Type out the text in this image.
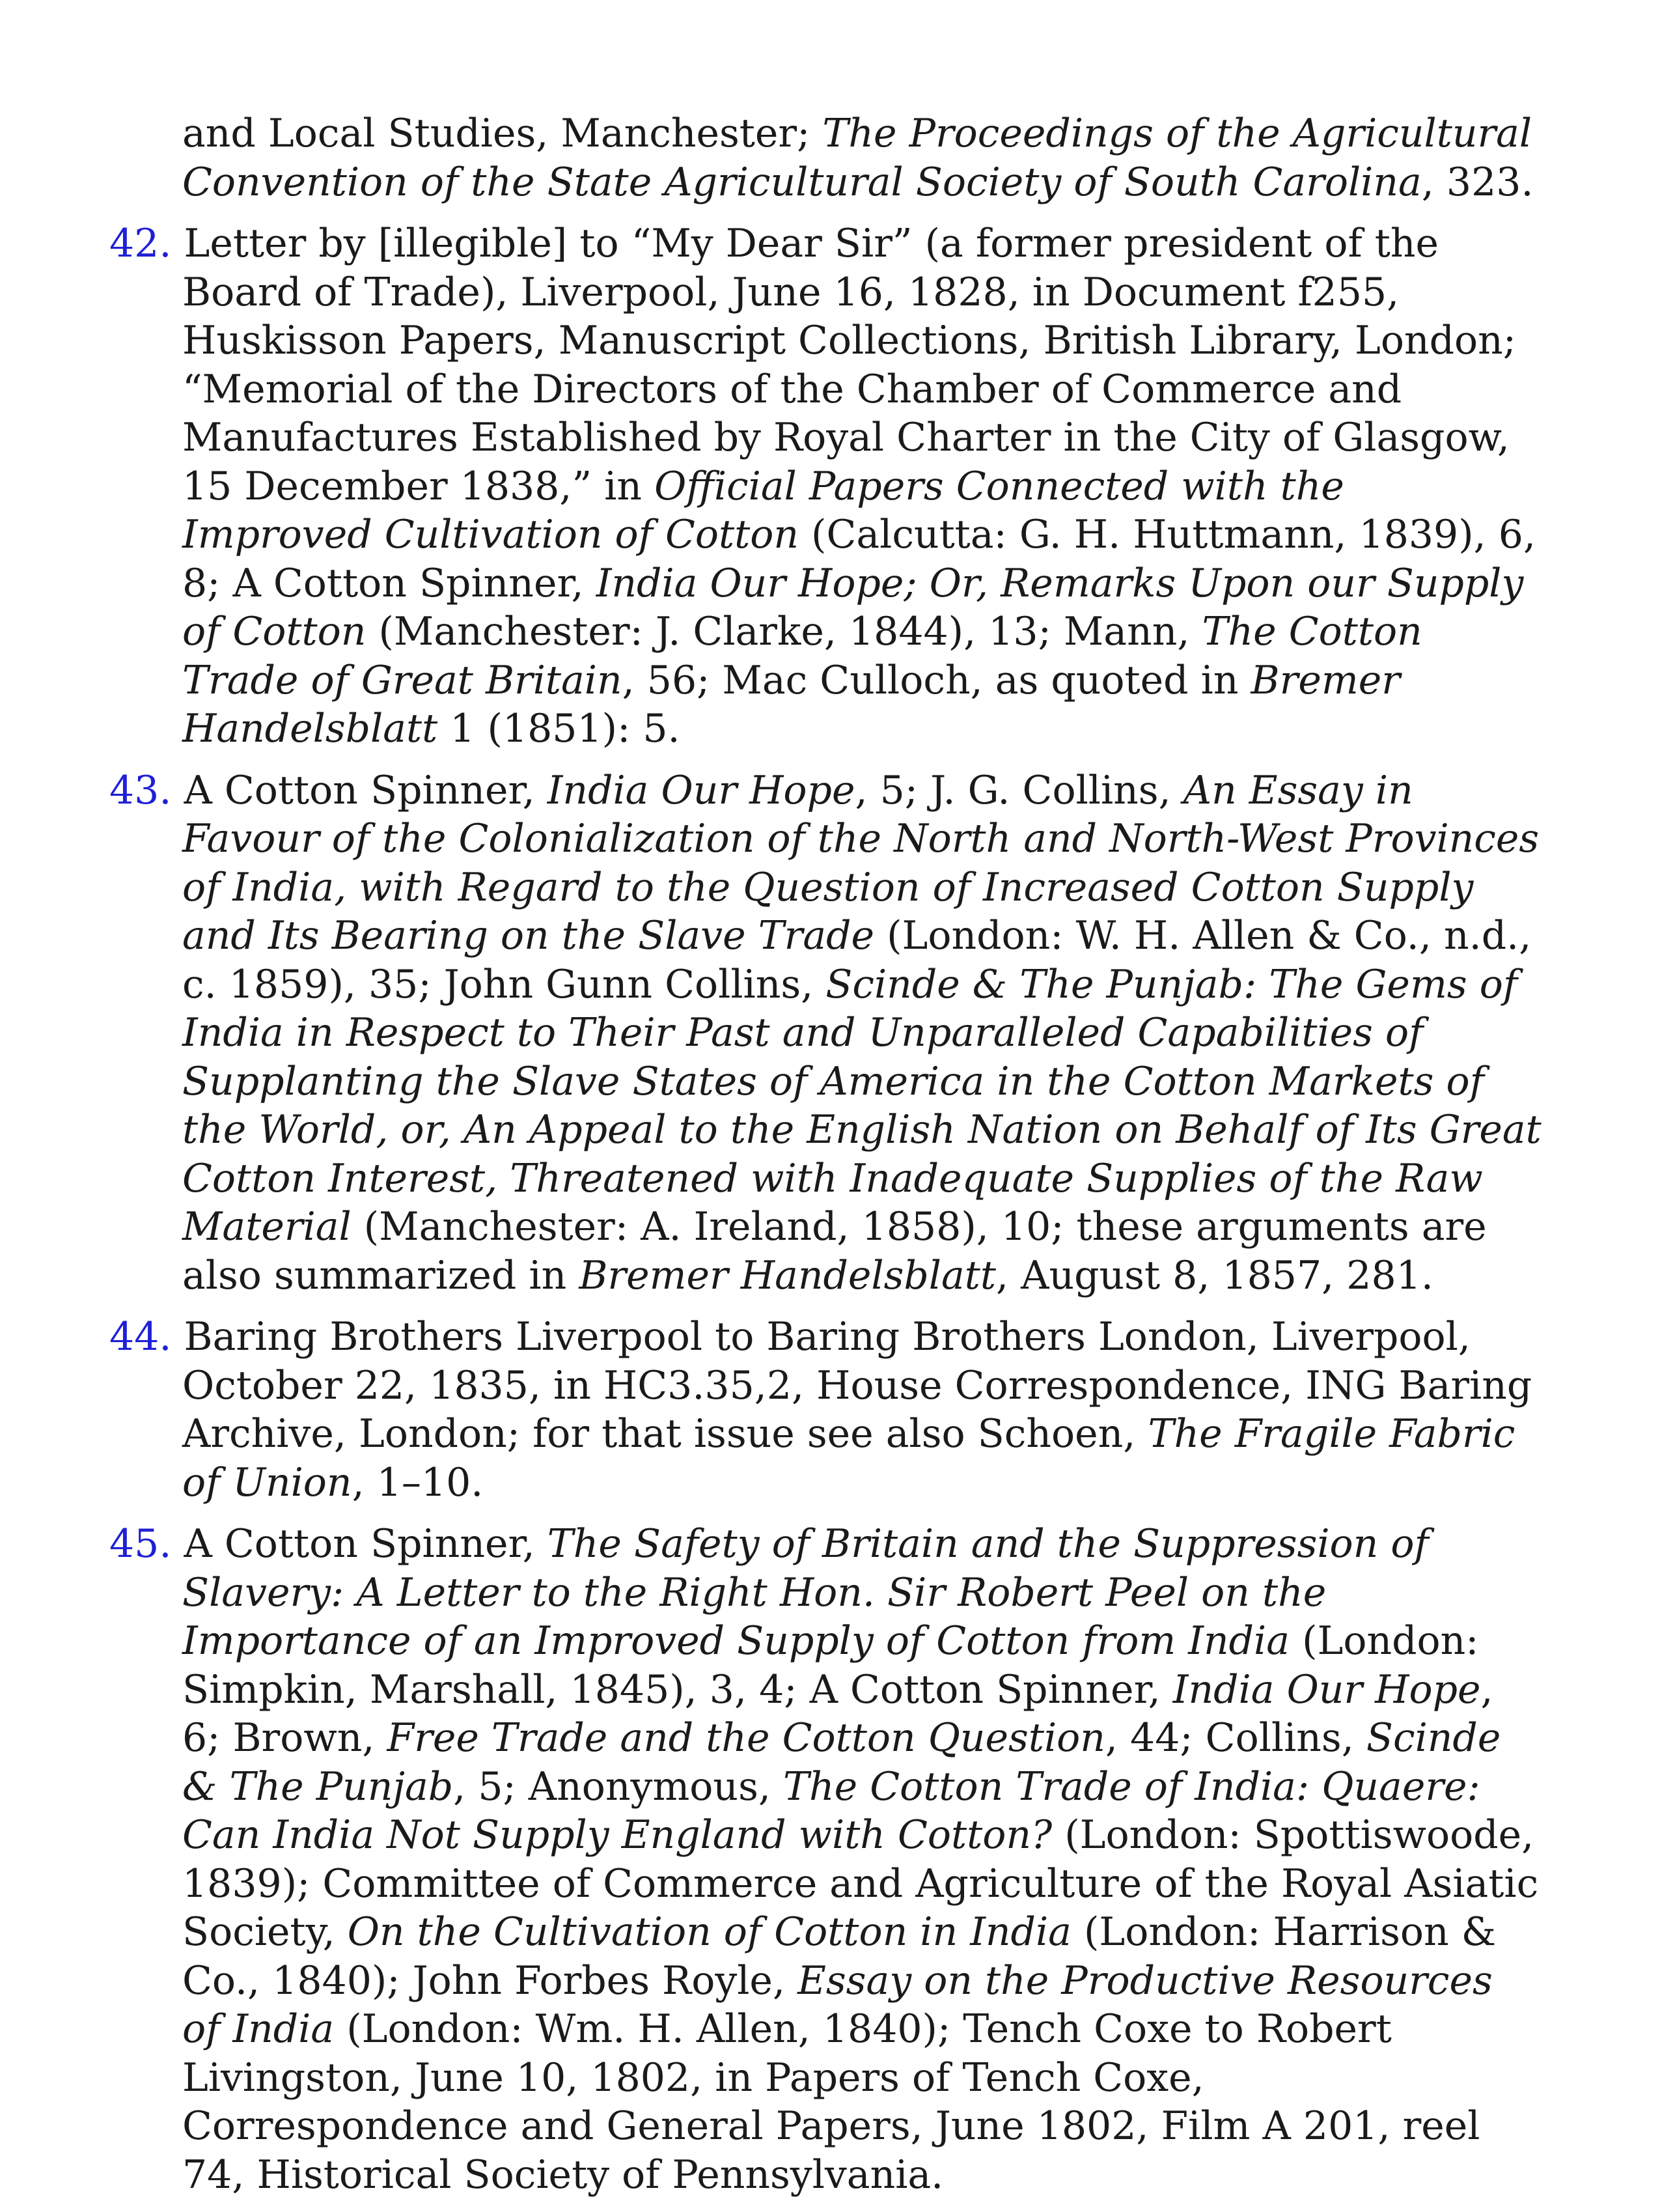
and Local Studies, Manchester; The Proceedings of the Agricultural Convention of the State Agricultural Society of South Carolina, 323.
42. Letter by [illegible] to “My Dear Sir” (a former president of the Board of Trade), Liverpool, June 16, 1828, in Document f255, Huskisson Papers, Manuscript Collections, British Library, London; “Memorial of the Directors of the Chamber of Commerce and Manufactures Established by Royal Charter in the City of Glasgow, 15 December 1838,” in Official Papers Connected with the Improved Cultivation of Cotton (Calcutta: G. H. Huttmann, 1839), 6, 8; A Cotton Spinner, India Our Hope; Or, Remarks Upon our Supply of Cotton (Manchester: J. Clarke, 1844), 13; Mann, The Cotton Trade of Great Britain, 56; Mac Culloch, as quoted in Bremer Handelsblatt 1 (1851): 5.
43. A Cotton Spinner, India Our Hope, 5; J. G. Collins, An Essay in Favour of the Colonialization of the North and North-West Provinces of India, with Regard to the Question of Increased Cotton Supply and Its Bearing on the Slave Trade (London: W. H. Allen & Co., n.d., c. 1859), 35; John Gunn Collins, Scinde & The Punjab: The Gems of India in Respect to Their Past and Unparalleled Capabilities of Supplanting the Slave States of America in the Cotton Markets of the World, or, An Appeal to the English Nation on Behalf of Its Great Cotton Interest, Threatened with Inadequate Supplies of the Raw Material (Manchester: A. Ireland, 1858), 10; these arguments are also summarized in Bremer Handelsblatt, August 8, 1857, 281.
44. Baring Brothers Liverpool to Baring Brothers London, Liverpool, October 22, 1835, in HC3.35,2, House Correspondence, ING Baring Archive, London; for that issue see also Schoen, The Fragile Fabric of Union, 1–10.
45. A Cotton Spinner, The Safety of Britain and the Suppression of Slavery: A Letter to the Right Hon. Sir Robert Peel on the Importance of an Improved Supply of Cotton from India (London: Simpkin, Marshall, 1845), 3, 4; A Cotton Spinner, India Our Hope, 6; Brown, Free Trade and the Cotton Question, 44; Collins, Scinde & The Punjab, 5; Anonymous, The Cotton Trade of India: Quaere: Can India Not Supply England with Cotton? (London: Spottiswoode, 1839); Committee of Commerce and Agriculture of the Royal Asiatic Society, On the Cultivation of Cotton in India (London: Harrison & Co., 1840); John Forbes Royle, Essay on the Productive Resources of India (London: Wm. H. Allen, 1840); Tench Coxe to Robert Livingston, June 10, 1802, in Papers of Tench Coxe, Correspondence and General Papers, June 1802, Film A 201, reel 74, Historical Society of Pennsylvania.
